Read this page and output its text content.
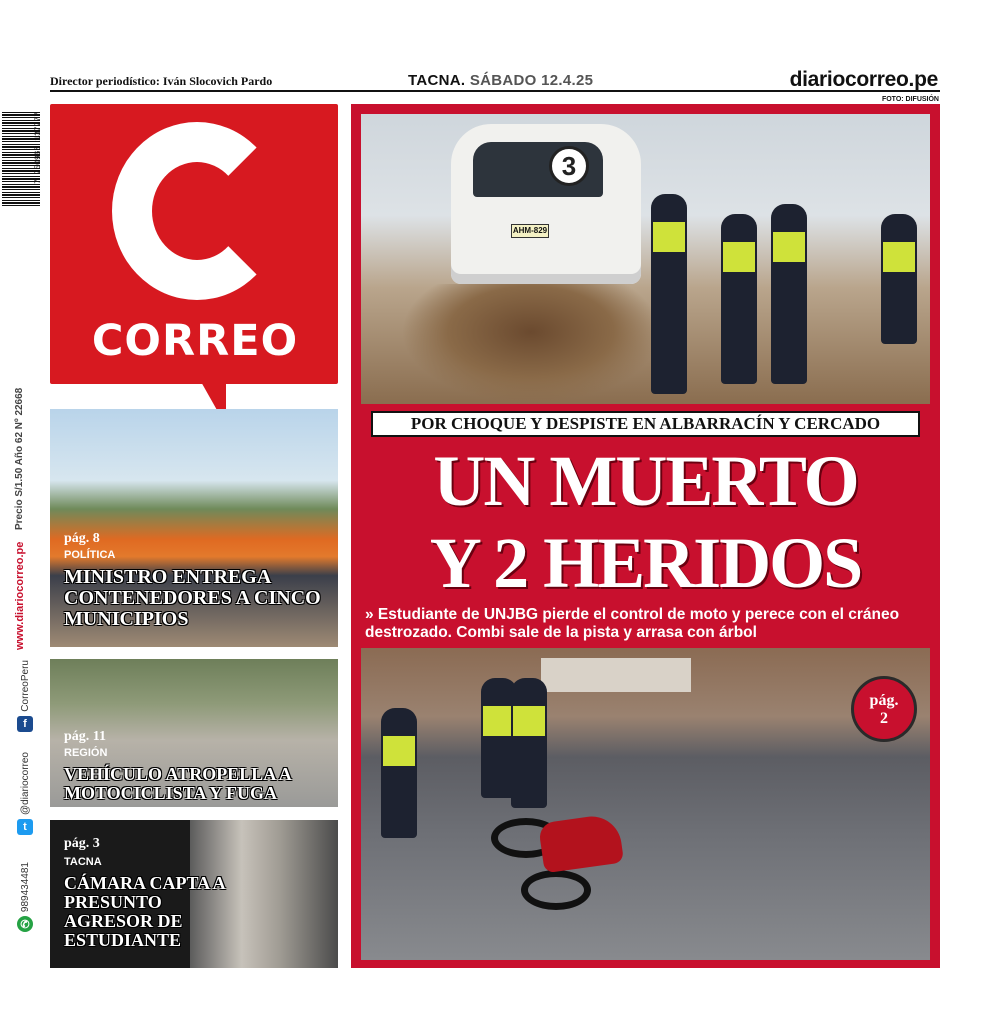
Director periodístico: Iván Slocovich Pardo	TACNA. SÁBADO 12.4.25	diariocorreo.pe
FOTO: DIFUSIÓN
7 750968 137777
Precio S/1.50 Año 62 Nº 22668
www.diariocorreo.pe
CorreoPeru
f
@diariocorreo
t
989434481
✆
CORREO
pág. 8
POLÍTICA
MINISTRO ENTREGA CONTENEDORES A CINCO MUNICIPIOS
pág. 11
REGIÓN
VEHÍCULO ATROPELLA A MOTOCICLISTA Y FUGA
pág. 3
TACNA
CÁMARA CAPTA A PRESUNTO AGRESOR DE ESTUDIANTE
3
AHM-829
POR CHOQUE Y DESPISTE EN ALBARRACÍN Y CERCADO
UN MUERTO
Y 2 HERIDOS
» Estudiante de UNJBG pierde el control de moto y perece con el cráneo destrozado. Combi sale de la pista y arrasa con árbol
pág.
2
